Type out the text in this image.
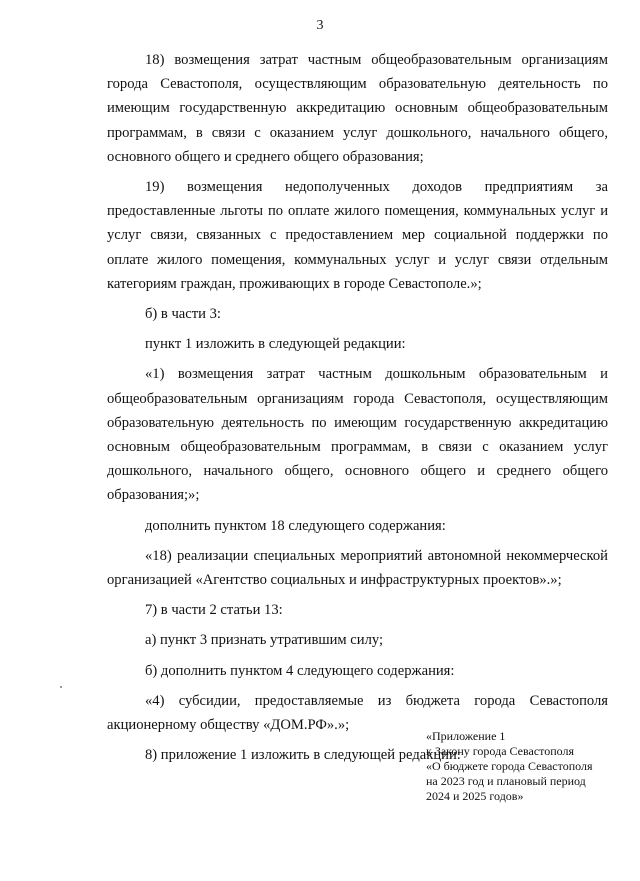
3

18) возмещения затрат частным общеобразовательным организациям города Севастополя, осуществляющим образовательную деятельность по имеющим государственную аккредитацию основным общеобразовательным программам, в связи с оказанием услуг дошкольного, начального общего, основного общего и среднего общего образования;

19) возмещения недополученных доходов предприятиям за предоставленные льготы по оплате жилого помещения, коммунальных услуг и услуг связи, связанных с предоставлением мер социальной поддержки по оплате жилого помещения, коммунальных услуг и услуг связи отдельным категориям граждан, проживающих в городе Севастополе.»;

б) в части 3:

пункт 1 изложить в следующей редакции:

«1) возмещения затрат частным дошкольным образовательным и общеобразовательным организациям города Севастополя, осуществляющим образовательную деятельность по имеющим государственную аккредитацию основным общеобразовательным программам, в связи с оказанием услуг дошкольного, начального общего, основного общего и среднего общего образования;»;

дополнить пунктом 18 следующего содержания:

«18) реализации специальных мероприятий автономной некоммерческой организацией «Агентство социальных и инфраструктурных проектов».»;

7) в части 2 статьи 13:

а) пункт 3 признать утратившим силу;

б) дополнить пунктом 4 следующего содержания:

«4) субсидии, предоставляемые из бюджета города Севастополя акционерному обществу «ДОМ.РФ».»;

8) приложение 1 изложить в следующей редакции:

«Приложение 1
к Закону города Севастополя
«О бюджете города Севастополя
на 2023 год и плановый период
2024 и 2025 годов»
